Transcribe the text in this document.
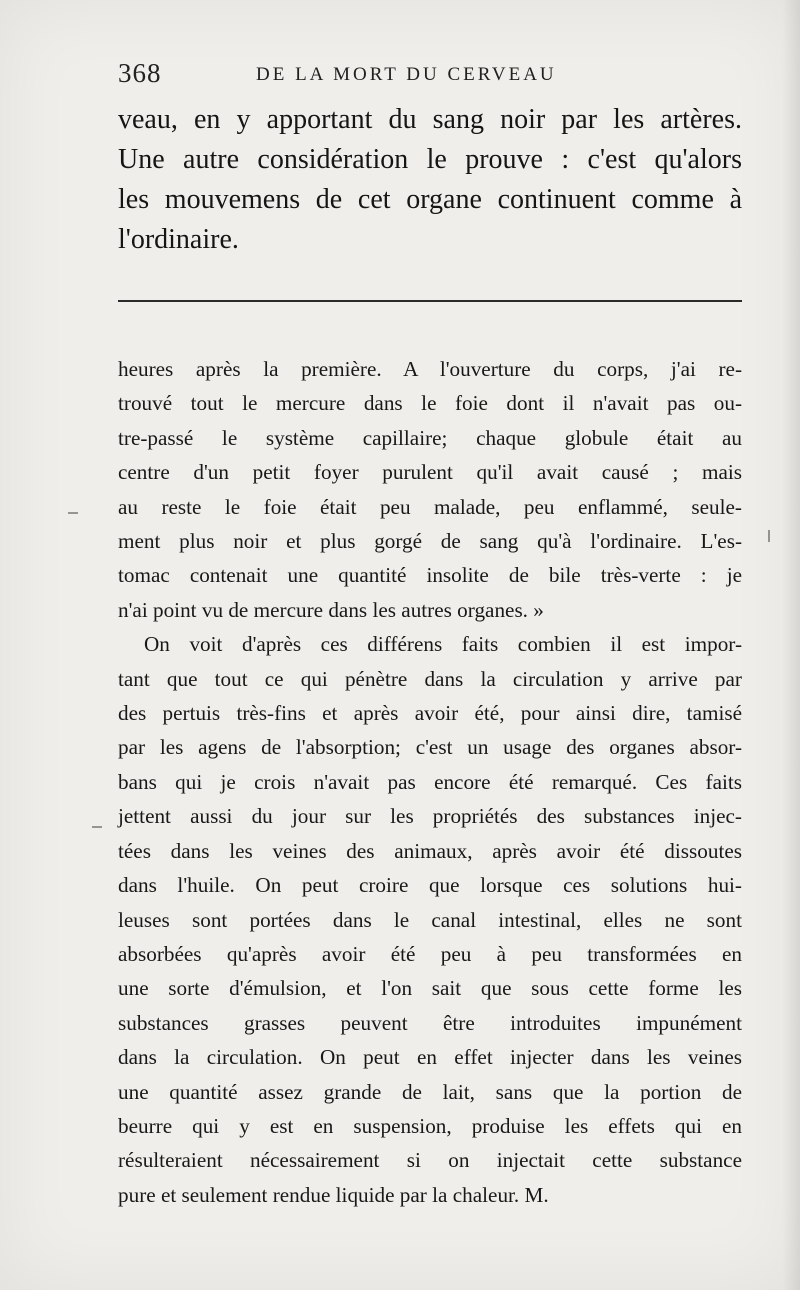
368	DE LA MORT DU CERVEAU
veau, en y apportant du sang noir par les artères.
Une autre considération le prouve : c'est qu'alors
les mouvemens de cet organe continuent comme à
l'ordinaire.
heures après la première. A l'ouverture du corps, j'ai re-
trouvé tout le mercure dans le foie dont il n'avait pas ou-
tre-passé le système capillaire; chaque globule était au
centre d'un petit foyer purulent qu'il avait causé ; mais
au reste le foie était peu malade, peu enflammé, seule-
ment plus noir et plus gorgé de sang qu'à l'ordinaire. L'es-
tomac contenait une quantité insolite de bile très-verte : je
n'ai point vu de mercure dans les autres organes. »
On voit d'après ces différens faits combien il est impor-
tant que tout ce qui pénètre dans la circulation y arrive par
des pertuis très-fins et après avoir été, pour ainsi dire, tamisé
par les agens de l'absorption; c'est un usage des organes absor-
bans qui je crois n'avait pas encore été remarqué. Ces faits
jettent aussi du jour sur les propriétés des substances injec-
tées dans les veines des animaux, après avoir été dissoutes
dans l'huile. On peut croire que lorsque ces solutions hui-
leuses sont portées dans le canal intestinal, elles ne sont
absorbées qu'après avoir été peu à peu transformées en
une sorte d'émulsion, et l'on sait que sous cette forme les
substances grasses peuvent être introduites impunément
dans la circulation. On peut en effet injecter dans les veines
une quantité assez grande de lait, sans que la portion de
beurre qui y est en suspension, produise les effets qui en
résulteraient nécessairement si on injectait cette substance
pure et seulement rendue liquide par la chaleur. M.
